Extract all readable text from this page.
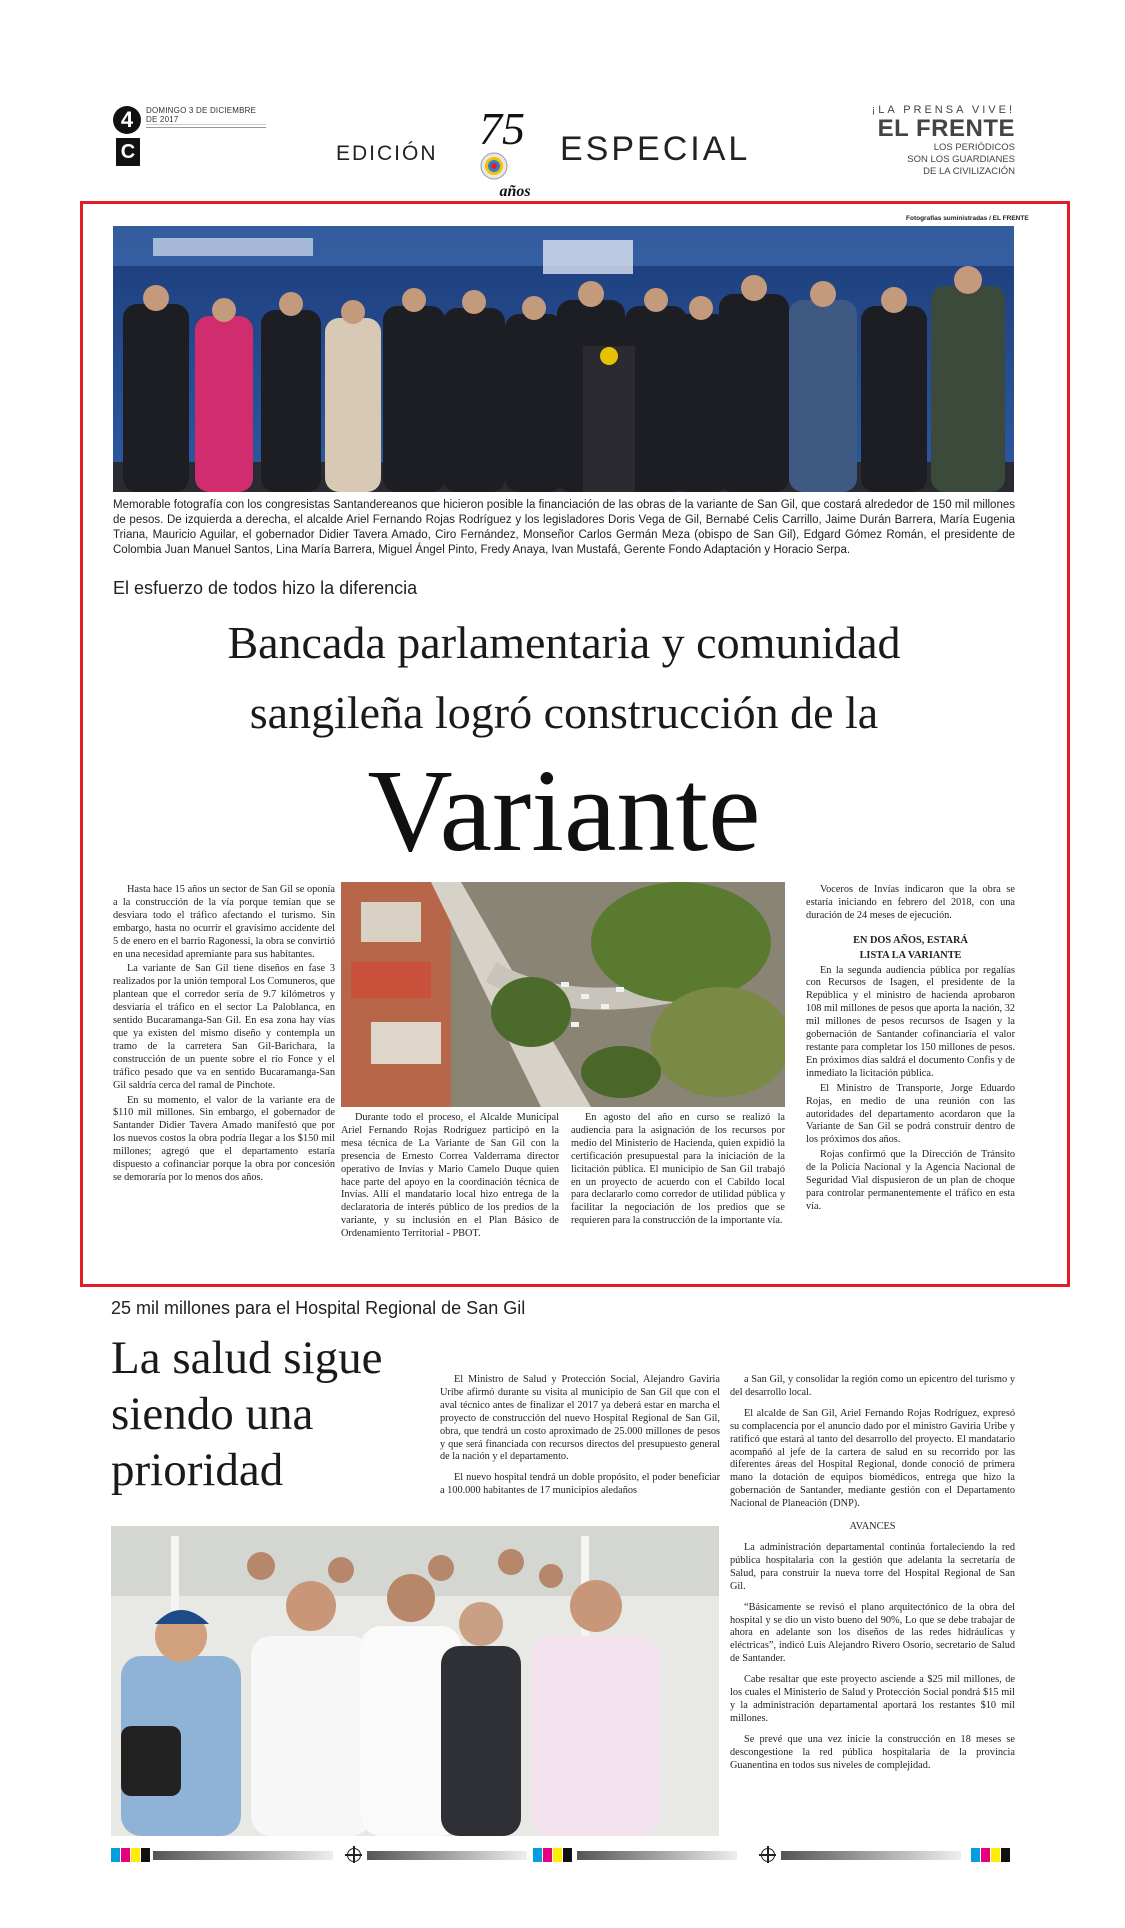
4
C
DOMINGO 3 DE DICIEMBRE DE 2017
EDICIÓN 75
años
ESPECIAL
¡LA PRENSA VIVE!
EL FRENTE
LOS PERIÓDICOS
SON LOS GUARDIANES
DE LA CIVILIZACIÓN
Fotografías suministradas / EL FRENTE
Memorable fotografía con los congresistas Santandereanos que hicieron posible la financiación de las obras de la variante de San Gil, que costará alrededor de 150 mil millones de pesos. De izquierda a derecha, el alcalde Ariel Fernando Rojas Rodríguez y los legisladores Doris Vega de Gil, Bernabé Celis Carrillo, Jaime Durán Barrera, María Eugenia Triana, Mauricio Aguilar, el gobernador Didier Tavera Amado, Ciro Fernández, Monseñor Carlos Germán Meza (obispo de San Gil), Edgard Gómez Román, el presidente de Colombia Juan Manuel Santos, Lina María Barrera, Miguel Ángel Pinto, Fredy Anaya, Ivan Mustafá, Gerente Fondo Adaptación y Horacio Serpa.
El esfuerzo de todos hizo la diferencia
Bancada parlamentaria y comunidad
sangileña logró construcción de la
Variante

Hasta hace 15 años un sector de San Gil se oponía a la construcción de la vía porque temían que se desviara todo el tráfico afectando el turismo. Sin embargo, hasta no ocurrir el gravísimo accidente del 5 de enero en el barrio Ragonessi, la obra se convirtió en una necesidad apremiante para sus habitantes.

La variante de San Gil tiene diseños en fase 3 realizados por la unión temporal Los Comuneros, que plantean que el corredor sería de 9.7 kilómetros y desviaría el tráfico en el sector La Paloblanca, en sentido Bucaramanga-San Gil. En esa zona hay vías que ya existen del mismo diseño y contempla un tramo de la carretera San Gil-Barichara, la construcción de un puente sobre el río Fonce y el tráfico pesado que va en sentido Bucaramanga-San Gil saldría cerca del ramal de Pinchote.

En su momento, el valor de la variante era de $110 mil millones. Sin embargo, el gobernador de Santander Didier Tavera Amado manifestó que por los nuevos costos la obra podría llegar a los $150 mil millones; agregó que el departamento estaría dispuesto a cofinanciar porque la obra por concesión se demoraría por lo menos dos años.

Durante todo el proceso, el Alcalde Municipal Ariel Fernando Rojas Rodríguez participó en la mesa técnica de La Variante de San Gil con la presencia de Ernesto Correa Valderrama director operativo de Invías y Mario Camelo Duque quien hace parte del apoyo en la coordinación técnica de Invías. Allí el mandatario local hizo entrega de la declaratoria de interés público de los predios de la variante, y su inclusión en el Plan Básico de Ordenamiento Territorial - PBOT.

En agosto del año en curso se realizó la audiencia para la asignación de los recursos por medio del Ministerio de Hacienda, quien expidió la certificación presupuestal para la iniciación de la licitación pública. El municipio de San Gil trabajó en un proyecto de acuerdo con el Cabildo local para declararlo como corredor de utilidad pública y facilitar la negociación de los predios que se requieren para la construcción de la importante vía.

Voceros de Invías indicaron que la obra se estaría iniciando en febrero del 2018, con una duración de 24 meses de ejecución.

EN DOS AÑOS, ESTARÁ
LISTA LA VARIANTE

En la segunda audiencia pública por regalías con Recursos de Isagen, el presidente de la República y el ministro de hacienda aprobaron 108 mil millones de pesos que aporta la nación, 32 mil millones de pesos recursos de Isagen y la gobernación de Santander cofinanciaría el valor restante para completar los 150 millones de pesos. En próximos días saldrá el documento Confis y de inmediato la licitación pública.

El Ministro de Transporte, Jorge Eduardo Rojas, en medio de una reunión con las autoridades del departamento acordaron que la Variante de San Gil se podrá construir dentro de los próximos dos años.

Rojas confirmó que la Dirección de Tránsito de la Policía Nacional y la Agencia Nacional de Seguridad Vial dispusieron de un plan de choque para controlar permanentemente el tráfico en esta vía.

25 mil millones para el Hospital Regional de San Gil
La salud sigue siendo una prioridad

El Ministro de Salud y Protección Social, Alejandro Gaviria Uribe afirmó durante su visita al municipio de San Gil que con el aval técnico antes de finalizar el 2017 ya deberá estar en marcha el proyecto de construcción del nuevo Hospital Regional de San Gil, obra, que tendrá un costo aproximado de 25.000 millones de pesos y que será financiada con recursos directos del presupuesto general de la nación y el departamento.

El nuevo hospital tendrá un doble propósito, el poder beneficiar a 100.000 habitantes de 17 municipios aledaños

a San Gil, y consolidar la región como un epicentro del turismo y del desarrollo local.

El alcalde de San Gil, Ariel Fernando Rojas Rodríguez, expresó su complacencia por el anuncio dado por el ministro Gaviria Uribe y ratificó que estará al tanto del desarrollo del proyecto. El mandatario acompañó al jefe de la cartera de salud en su recorrido por las diferentes áreas del Hospital Regional, donde conoció de primera mano la dotación de equipos biomédicos, entrega que hizo la gobernación de Santander, mediante gestión con el Departamento Nacional de Planeación (DNP).

AVANCES

La administración departamental continúa fortaleciendo la red pública hospitalaria con la gestión que adelanta la secretaría de Salud, para construir la nueva torre del Hospital Regional de San Gil.

“Básicamente se revisó el plano arquitectónico de la obra del hospital y se dio un visto bueno del 90%, Lo que se debe trabajar de ahora en adelante son los diseños de las redes hidráulicas y eléctricas”, indicó Luis Alejandro Rivero Osorio, secretario de Salud de Santander.

Cabe resaltar que este proyecto asciende a $25 mil millones, de los cuales el Ministerio de Salud y Protección Social pondrá $15 mil y la administración departamental aportará los restantes $10 mil millones.

Se prevé que una vez inicie la construcción en 18 meses se descongestione la red pública hospitalaria de la provincia Guanentina en todos sus niveles de complejidad.
